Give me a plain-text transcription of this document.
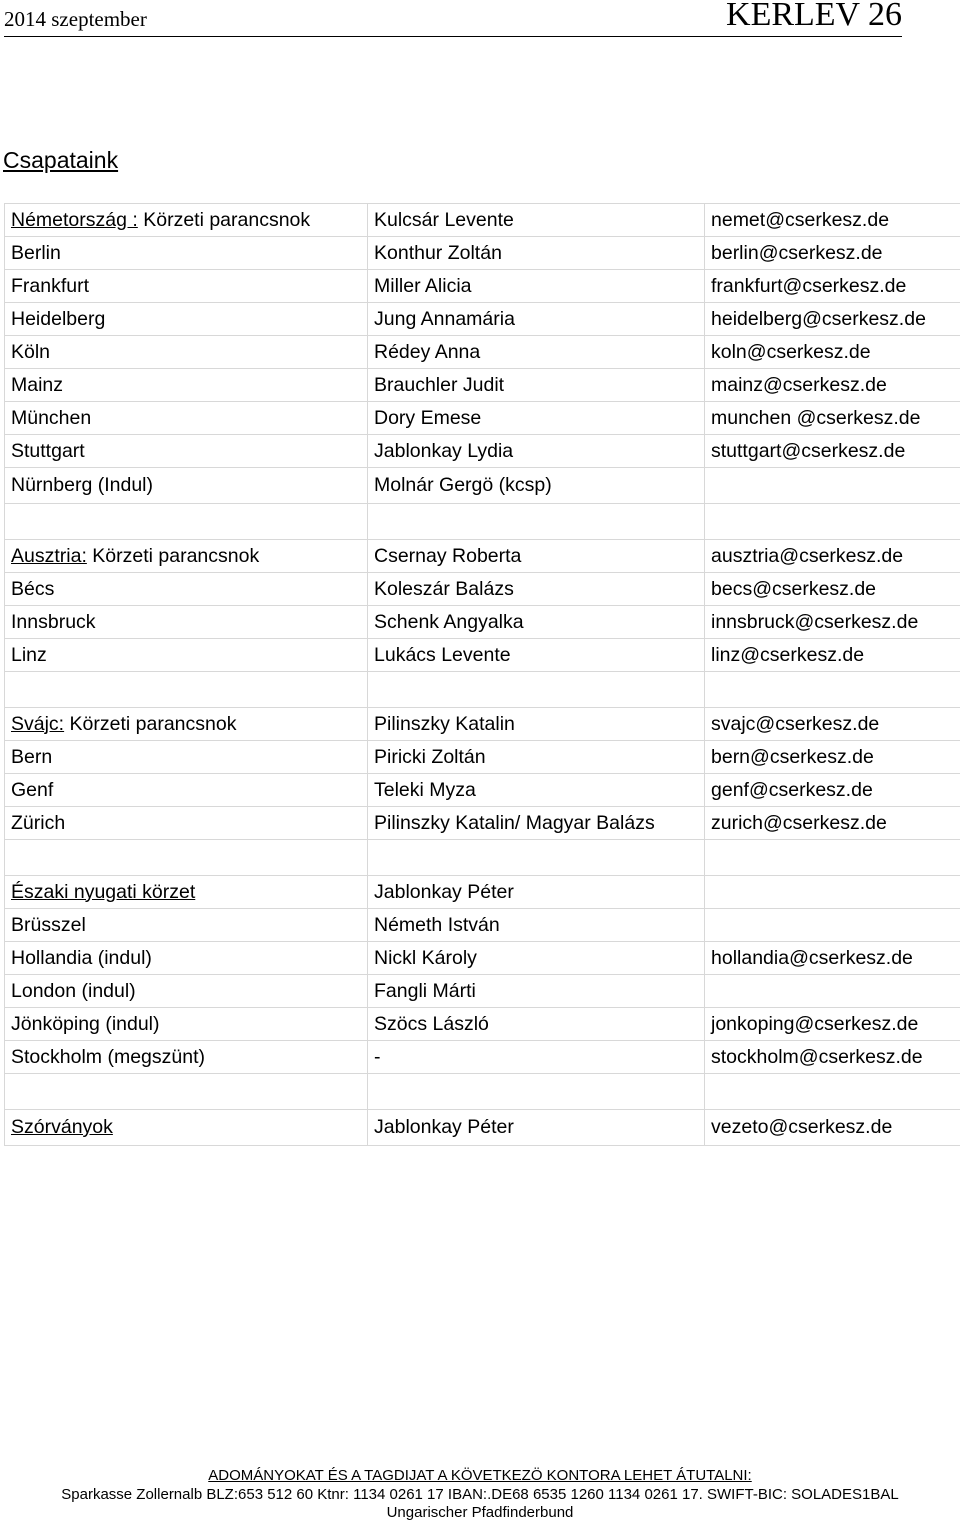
2014 szeptember	KERLEV 26
Csapataink
Németország : Körzeti parancsnok	Kulcsár Levente	nemet@cserkesz.de
Berlin	Konthur Zoltán	berlin@cserkesz.de
Frankfurt	Miller Alicia	frankfurt@cserkesz.de
Heidelberg	Jung Annamária	heidelberg@cserkesz.de
Köln	Rédey Anna	koln@cserkesz.de
Mainz	Brauchler Judit	mainz@cserkesz.de
München	Dory Emese	munchen @cserkesz.de
Stuttgart	Jablonkay Lydia	stuttgart@cserkesz.de
Nürnberg (Indul)	Molnár Gergö (kcsp)	

Ausztria: Körzeti parancsnok	Csernay Roberta	ausztria@cserkesz.de
Bécs	Koleszár Balázs	becs@cserkesz.de
Innsbruck	Schenk Angyalka	innsbruck@cserkesz.de
Linz	Lukács Levente	linz@cserkesz.de

Svájc: Körzeti parancsnok	Pilinszky Katalin	svajc@cserkesz.de
Bern	Piricki Zoltán	bern@cserkesz.de
Genf	Teleki Myza	genf@cserkesz.de
Zürich	Pilinszky Katalin/ Magyar Balázs	zurich@cserkesz.de

Északi nyugati körzet	Jablonkay Péter	
Brüsszel	Németh István	
Hollandia (indul)	Nickl Károly	hollandia@cserkesz.de
London (indul)	Fangli Márti	
Jönköping (indul)	Szöcs László	jonkoping@cserkesz.de
Stockholm (megszünt)	-	stockholm@cserkesz.de

Szórványok	Jablonkay Péter	vezeto@cserkesz.de
ADOMÁNYOKAT ÉS A TAGDIJAT A KÖVETKEZÖ KONTORA LEHET ÁTUTALNI:
Sparkasse Zollernalb BLZ:653 512 60 Ktnr: 1134 0261 17 IBAN:.DE68 6535 1260 1134 0261 17. SWIFT-BIC: SOLADES1BAL
Ungarischer Pfadfinderbund
